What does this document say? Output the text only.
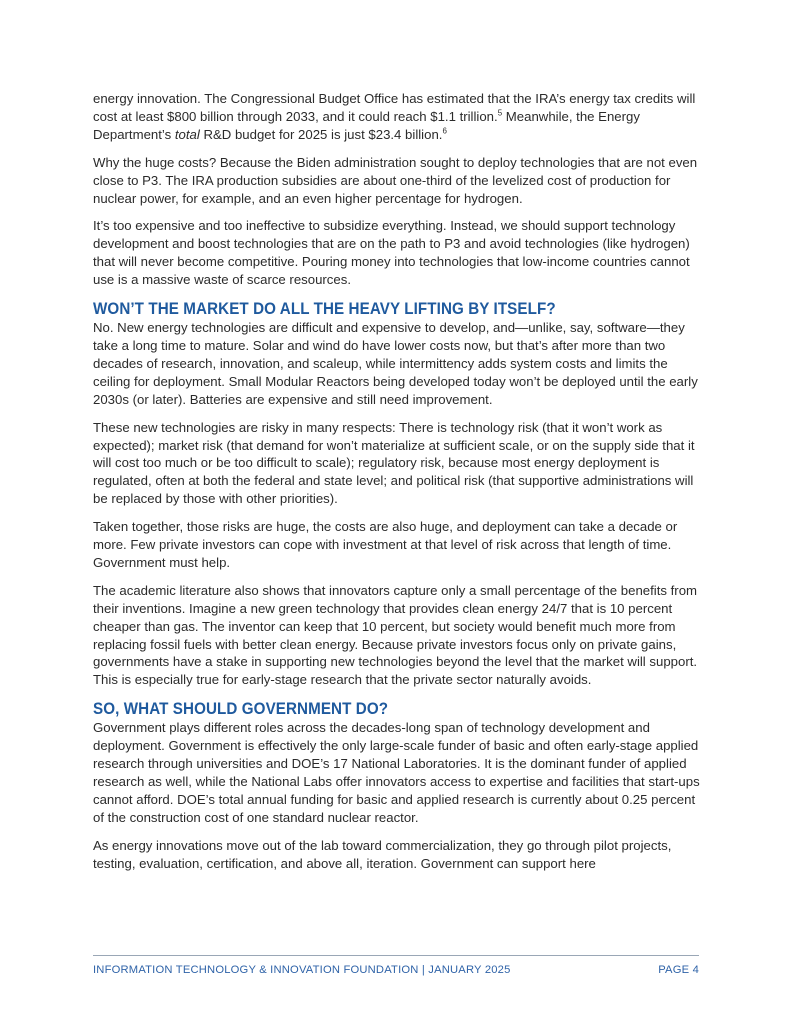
energy innovation. The Congressional Budget Office has estimated that the IRA’s energy tax credits will cost at least $800 billion through 2033, and it could reach $1.1 trillion.$^5$ Meanwhile, the Energy Department’s total R&D budget for 2025 is just $23.4 billion.$^6$

Why the huge costs? Because the Biden administration sought to deploy technologies that are not even close to P3. The IRA production subsidies are about one-third of the levelized cost of production for nuclear power, for example, and an even higher percentage for hydrogen.

It’s too expensive and too ineffective to subsidize everything. Instead, we should support technology development and boost technologies that are on the path to P3 and avoid technologies (like hydrogen) that will never become competitive. Pouring money into technologies that low-income countries cannot use is a massive waste of scarce resources.

WON’T THE MARKET DO ALL THE HEAVY LIFTING BY ITSELF?

No. New energy technologies are difficult and expensive to develop, and—unlike, say, software—they take a long time to mature. Solar and wind do have lower costs now, but that’s after more than two decades of research, innovation, and scaleup, while intermittency adds system costs and limits the ceiling for deployment. Small Modular Reactors being developed today won’t be deployed until the early 2030s (or later). Batteries are expensive and still need improvement.

These new technologies are risky in many respects: There is technology risk (that it won’t work as expected); market risk (that demand for won’t materialize at sufficient scale, or on the supply side that it will cost too much or be too difficult to scale); regulatory risk, because most energy deployment is regulated, often at both the federal and state level; and political risk (that supportive administrations will be replaced by those with other priorities).

Taken together, those risks are huge, the costs are also huge, and deployment can take a decade or more. Few private investors can cope with investment at that level of risk across that length of time. Government must help.

The academic literature also shows that innovators capture only a small percentage of the benefits from their inventions. Imagine a new green technology that provides clean energy 24/7 that is 10 percent cheaper than gas. The inventor can keep that 10 percent, but society would benefit much more from replacing fossil fuels with better clean energy. Because private investors focus only on private gains, governments have a stake in supporting new technologies beyond the level that the market will support. This is especially true for early-stage research that the private sector naturally avoids.

SO, WHAT SHOULD GOVERNMENT DO?

Government plays different roles across the decades-long span of technology development and deployment. Government is effectively the only large-scale funder of basic and often early-stage applied research through universities and DOE’s 17 National Laboratories. It is the dominant funder of applied research as well, while the National Labs offer innovators access to expertise and facilities that start-ups cannot afford. DOE’s total annual funding for basic and applied research is currently about 0.25 percent of the construction cost of one standard nuclear reactor.

As energy innovations move out of the lab toward commercialization, they go through pilot projects, testing, evaluation, certification, and above all, iteration. Government can support here

INFORMATION TECHNOLOGY & INNOVATION FOUNDATION | JANUARY 2025	PAGE 4
